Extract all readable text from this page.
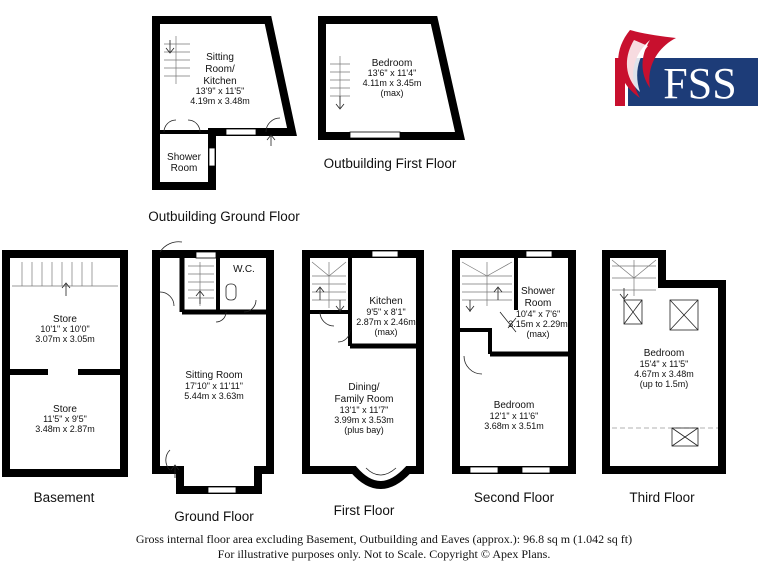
FSS
Sitting
Room/
Kitchen
13'9" x 11'5"
4.19m x 3.48m
Shower
Room
Outbuilding Ground Floor
Bedroom
13'6" x 11'4"
4.11m x 3.45m
(max)
Outbuilding First Floor
Store
10'1" x 10'0"
3.07m x 3.05m
Store
11'5" x 9'5"
3.48m x 2.87m
Basement
W.C.
Sitting Room
17'10" x 11'11"
5.44m x 3.63m
Ground Floor
Kitchen
9'5" x 8'1"
2.87m x 2.46m
(max)
Dining/
Family Room
13'1" x 11'7"
3.99m x 3.53m
(plus bay)
First Floor
Shower
Room
10'4" x 7'6"
3.15m x 2.29m
(max)
Bedroom
12'1" x 11'6"
3.68m x 3.51m
Second Floor
Bedroom
15'4" x 11'5"
4.67m x 3.48m
(up to 1.5m)
Third Floor
Gross internal floor area excluding Basement, Outbuilding and Eaves (approx.): 96.8 sq m (1.042 sq ft)
For illustrative purposes only. Not to Scale. Copyright © Apex Plans.
